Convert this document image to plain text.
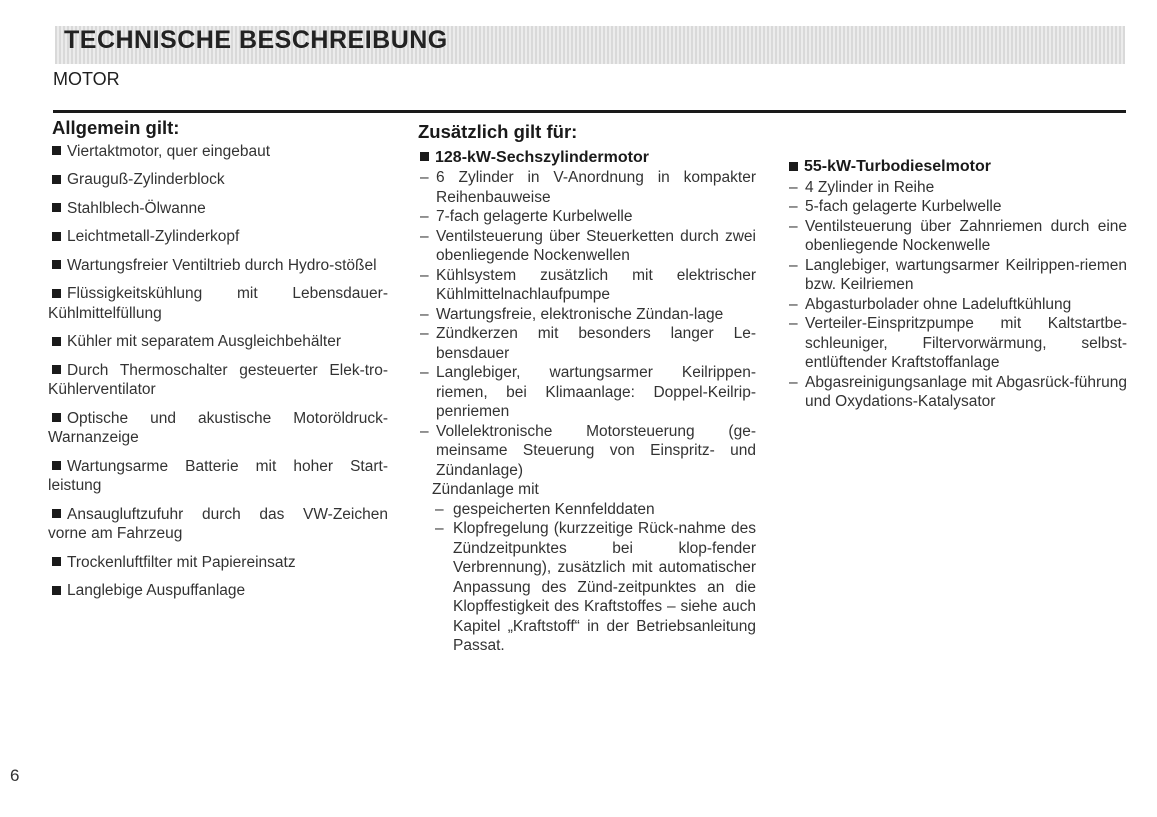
TECHNISCHE BESCHREIBUNG
MOTOR
Allgemein gilt:
Viertaktmotor, quer eingebaut
Grauguß-Zylinderblock
Stahlblech-Ölwanne
Leichtmetall-Zylinderkopf
Wartungsfreier Ventiltrieb durch Hydro-stößel
Flüssigkeitskühlung mit Lebensdauer-Kühlmittelfüllung
Kühler mit separatem Ausgleichbehälter
Durch Thermoschalter gesteuerter Elek-tro-Kühlerventilator
Optische und akustische Motoröldruck-Warnanzeige
Wartungsarme Batterie mit hoher Start-leistung
Ansaugluftzufuhr durch das VW-Zeichen vorne am Fahrzeug
Trockenluftfilter mit Papiereinsatz
Langlebige Auspuffanlage
Zusätzlich gilt für:
128-kW-Sechszylindermotor
– 6 Zylinder in V-Anordnung in kompakter Reihenbauweise
– 7-fach gelagerte Kurbelwelle
– Ventilsteuerung über Steuerketten durch zwei obenliegende Nockenwellen
– Kühlsystem zusätzlich mit elektrischer Kühlmittelnachlaufpumpe
– Wartungsfreie, elektronische Zündan-lage
– Zündkerzen mit besonders langer Le-bensdauer
– Langlebiger, wartungsarmer Keilrippen-riemen, bei Klimaanlage: Doppel-Keilrip-penriemen
– Vollelektronische Motorsteuerung (ge-meinsame Steuerung von Einspritz- und Zündanlage)
Zündanlage mit
– gespeicherten Kennfelddaten
– Klopfregelung (kurzzeitige Rück-nahme des Zündzeitpunktes bei klop-fender Verbrennung), zusätzlich mit automatischer Anpassung des Zünd-zeitpunktes an die Klopffestigkeit des Kraftstoffes – siehe auch Kapitel „Kraftstoff“ in der Betriebsanleitung Passat.
55-kW-Turbodieselmotor
– 4 Zylinder in Reihe
– 5-fach gelagerte Kurbelwelle
– Ventilsteuerung über Zahnriemen durch eine obenliegende Nockenwelle
– Langlebiger, wartungsarmer Keilrippen-riemen bzw. Keilriemen
– Abgasturbolader ohne Ladeluftkühlung
– Verteiler-Einspritzpumpe mit Kaltstartbe-schleuniger, Filtervorwärmung, selbst-entlüftender Kraftstoffanlage
– Abgasreinigungsanlage mit Abgasrück-führung und Oxydations-Katalysator
6
